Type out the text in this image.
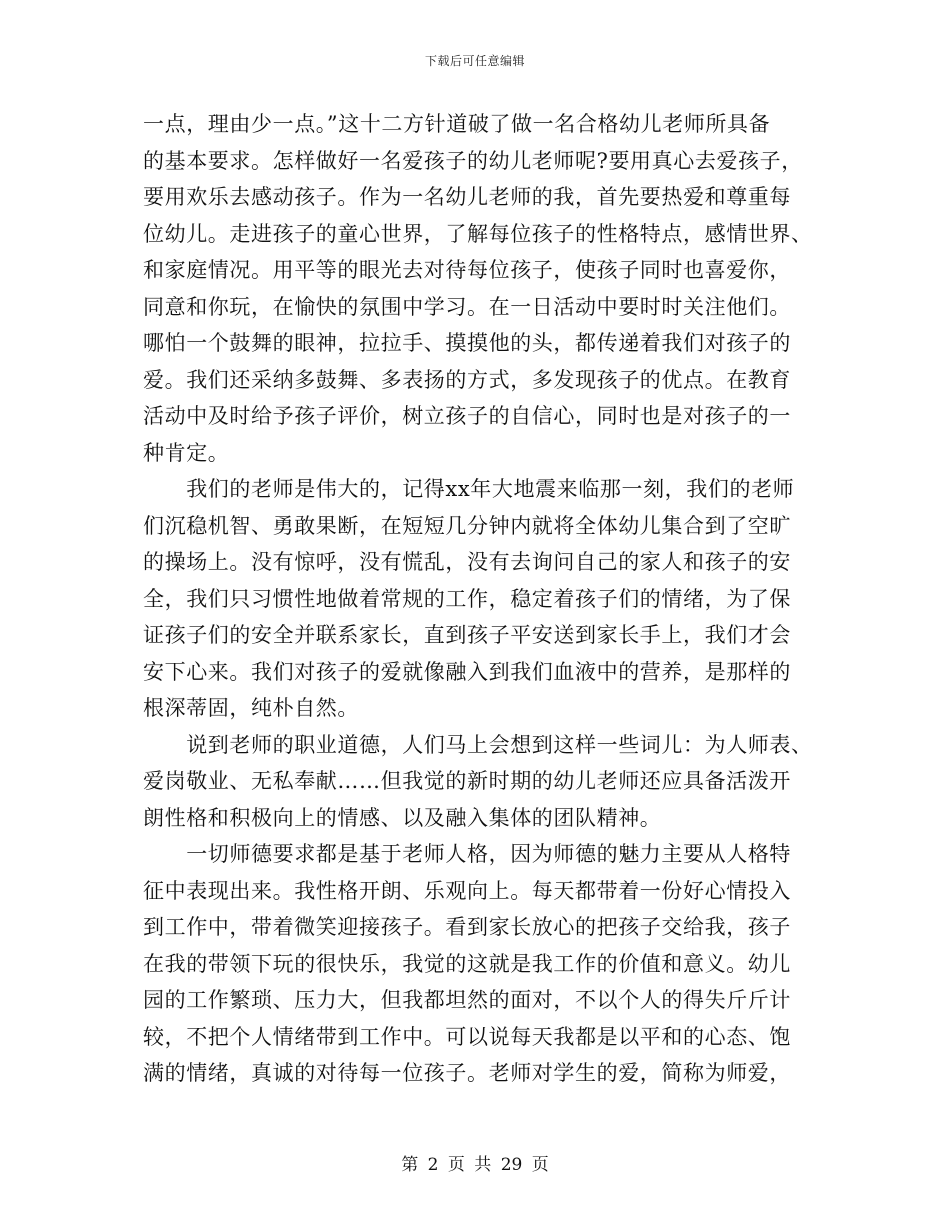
下载后可任意编辑
一点，理由少一点。”这十二方针道破了做一名合格幼儿老师所具备
的基本要求。怎样做好一名爱孩子的幼儿老师呢?要用真心去爱孩子，
要用欢乐去感动孩子。作为一名幼儿老师的我，首先要热爱和尊重每
位幼儿。走进孩子的童心世界，了解每位孩子的性格特点，感情世界、
和家庭情况。用平等的眼光去对待每位孩子，使孩子同时也喜爱你，
同意和你玩，在愉快的氛围中学习。在一日活动中要时时关注他们。
哪怕一个鼓舞的眼神，拉拉手、摸摸他的头，都传递着我们对孩子的
爱。我们还采纳多鼓舞、多表扬的方式，多发现孩子的优点。在教育
活动中及时给予孩子评价，树立孩子的自信心，同时也是对孩子的一
种肯定。
　　我们的老师是伟大的，记得xx年大地震来临那一刻，我们的老师
们沉稳机智、勇敢果断，在短短几分钟内就将全体幼儿集合到了空旷
的操场上。没有惊呼，没有慌乱，没有去询问自己的家人和孩子的安
全，我们只习惯性地做着常规的工作，稳定着孩子们的情绪，为了保
证孩子们的安全并联系家长，直到孩子平安送到家长手上，我们才会
安下心来。我们对孩子的爱就像融入到我们血液中的营养，是那样的
根深蒂固，纯朴自然。
　　说到老师的职业道德，人们马上会想到这样一些词儿：为人师表、
爱岗敬业、无私奉献……但我觉的新时期的幼儿老师还应具备活泼开
朗性格和积极向上的情感、以及融入集体的团队精神。
　　一切师德要求都是基于老师人格，因为师德的魅力主要从人格特
征中表现出来。我性格开朗、乐观向上。每天都带着一份好心情投入
到工作中，带着微笑迎接孩子。看到家长放心的把孩子交给我，孩子
在我的带领下玩的很快乐，我觉的这就是我工作的价值和意义。幼儿
园的工作繁琐、压力大，但我都坦然的面对，不以个人的得失斤斤计
较，不把个人情绪带到工作中。可以说每天我都是以平和的心态、饱
满的情绪，真诚的对待每一位孩子。老师对学生的爱，简称为师爱，
第 2 页 共 29 页
